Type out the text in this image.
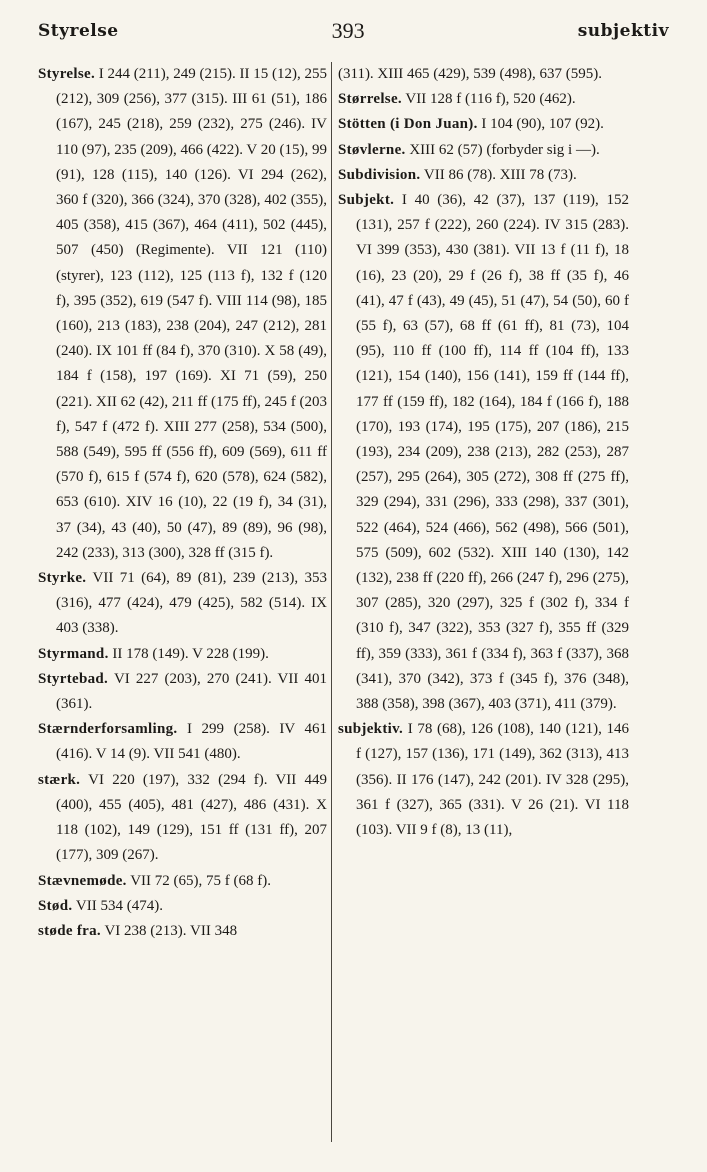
Styrelse	393	subjektiv

Styrelse. I 244 (211), 249 (215). II 15 (12), 255 (212), 309 (256), 377 (315). III 61 (51), 186 (167), 245 (218), 259 (232), 275 (246). IV 110 (97), 235 (209), 466 (422). V 20 (15), 99 (91), 128 (115), 140 (126). VI 294 (262), 360 f (320), 366 (324), 370 (328), 402 (355), 405 (358), 415 (367), 464 (411), 502 (445), 507 (450) (Regimente). VII 121 (110) (styrer), 123 (112), 125 (113 f), 132 f (120 f), 395 (352), 619 (547 f). VIII 114 (98), 185 (160), 213 (183), 238 (204), 247 (212), 281 (240). IX 101 ff (84 f), 370 (310). X 58 (49), 184 f (158), 197 (169). XI 71 (59), 250 (221). XII 62 (42), 211 ff (175 ff), 245 f (203 f), 547 f (472 f). XIII 277 (258), 534 (500), 588 (549), 595 ff (556 ff), 609 (569), 611 ff (570 f), 615 f (574 f), 620 (578), 624 (582), 653 (610). XIV 16 (10), 22 (19 f), 34 (31), 37 (34), 43 (40), 50 (47), 89 (89), 96 (98), 242 (233), 313 (300), 328 ff (315 f).

Styrke. VII 71 (64), 89 (81), 239 (213), 353 (316), 477 (424), 479 (425), 582 (514). IX 403 (338).

Styrmand. II 178 (149). V 228 (199).

Styrtebad. VI 227 (203), 270 (241). VII 401 (361).

Stærnderforsamling. I 299 (258). IV 461 (416). V 14 (9). VII 541 (480).

stærk. VI 220 (197), 332 (294 f). VII 449 (400), 455 (405), 481 (427), 486 (431). X 118 (102), 149 (129), 151 ff (131 ff), 207 (177), 309 (267).

Stævnemøde. VII 72 (65), 75 f (68 f).

Stød. VII 534 (474).

støde fra. VI 238 (213). VII 348

(311). XIII 465 (429), 539 (498), 637 (595).

Størrelse. VII 128 f (116 f), 520 (462).

Stötten (i Don Juan). I 104 (90), 107 (92).

Støvlerne. XIII 62 (57) (forbyder sig i —).

Subdivision. VII 86 (78). XIII 78 (73).

Subjekt. I 40 (36), 42 (37), 137 (119), 152 (131), 257 f (222), 260 (224). IV 315 (283). VI 399 (353), 430 (381). VII 13 f (11 f), 18 (16), 23 (20), 29 f (26 f), 38 ff (35 f), 46 (41), 47 f (43), 49 (45), 51 (47), 54 (50), 60 f (55 f), 63 (57), 68 ff (61 ff), 81 (73), 104 (95), 110 ff (100 ff), 114 ff (104 ff), 133 (121), 154 (140), 156 (141), 159 ff (144 ff), 177 ff (159 ff), 182 (164), 184 f (166 f), 188 (170), 193 (174), 195 (175), 207 (186), 215 (193), 234 (209), 238 (213), 282 (253), 287 (257), 295 (264), 305 (272), 308 ff (275 ff), 329 (294), 331 (296), 333 (298), 337 (301), 522 (464), 524 (466), 562 (498), 566 (501), 575 (509), 602 (532). XIII 140 (130), 142 (132), 238 ff (220 ff), 266 (247 f), 296 (275), 307 (285), 320 (297), 325 f (302 f), 334 f (310 f), 347 (322), 353 (327 f), 355 ff (329 ff), 359 (333), 361 f (334 f), 363 f (337), 368 (341), 370 (342), 373 f (345 f), 376 (348), 388 (358), 398 (367), 403 (371), 411 (379).

subjektiv. I 78 (68), 126 (108), 140 (121), 146 f (127), 157 (136), 171 (149), 362 (313), 413 (356). II 176 (147), 242 (201). IV 328 (295), 361 f (327), 365 (331). V 26 (21). VI 118 (103). VII 9 f (8), 13 (11),
